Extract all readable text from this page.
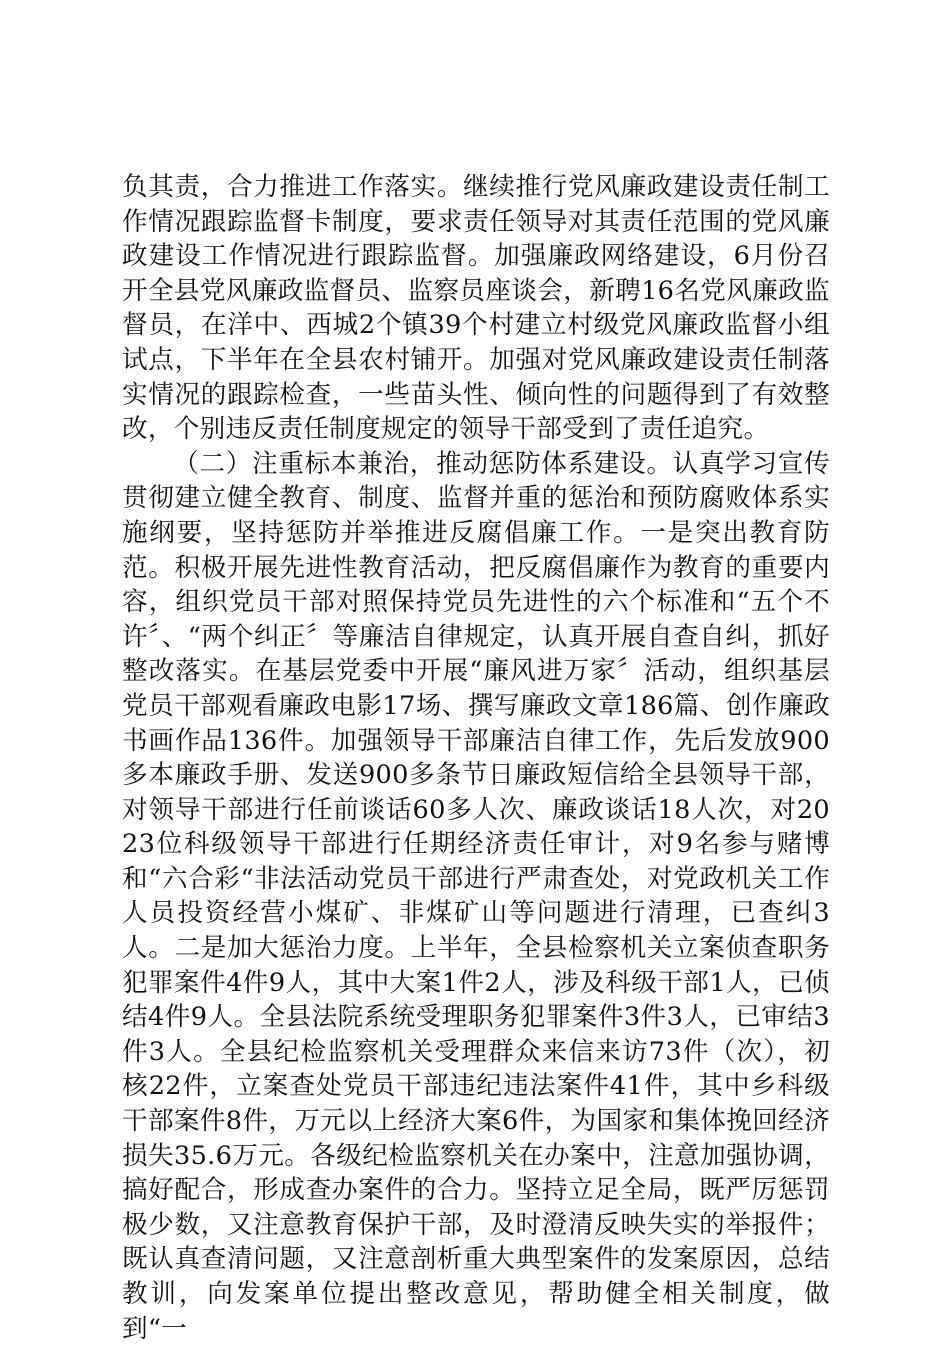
负其责，合力推进工作落实。继续推行党风廉政建设责任制工作情况跟踪监督卡制度，要求责任领导对其责任范围的党风廉政建设工作情况进行跟踪监督。加强廉政网络建设，6月份召开全县党风廉政监督员、监察员座谈会，新聘16名党风廉政监督员，在洋中、西城2个镇39个村建立村级党风廉政监督小组试点，下半年在全县农村铺开。加强对党风廉政建设责任制落实情况的跟踪检查，一些苗头性、倾向性的问题得到了有效整改，个别违反责任制度规定的领导干部受到了责任追究。

（二）注重标本兼治，推动惩防体系建设。认真学习宣传贯彻建立健全教育、制度、监督并重的惩治和预防腐败体系实施纲要，坚持惩防并举推进反腐倡廉工作。一是突出教育防范。积极开展先进性教育活动，把反腐倡廉作为教育的重要内容，组织党员干部对照保持党员先进性的六个标准和“五个不许〞、“两个纠正〞等廉洁自律规定，认真开展自查自纠，抓好整改落实。在基层党委中开展“廉风进万家〞活动，组织基层党员干部观看廉政电影17场、撰写廉政文章186篇、创作廉政书画作品136件。加强领导干部廉洁自律工作，先后发放900多本廉政手册、发送900多条节日廉政短信给全县领导干部，对领导干部进行任前谈话60多人次、廉政谈话18人次，对2023位科级领导干部进行任期经济责任审计，对9名参与赌博和“六合彩“非法活动党员干部进行严肃查处，对党政机关工作人员投资经营小煤矿、非煤矿山等问题进行清理，已查纠3人。二是加大惩治力度。上半年，全县检察机关立案侦查职务犯罪案件4件9人，其中大案1件2人，涉及科级干部1人，已侦结4件9人。全县法院系统受理职务犯罪案件3件3人，已审结3件3人。全县纪检监察机关受理群众来信来访73件（次），初核22件，立案查处党员干部违纪违法案件41件，其中乡科级干部案件8件，万元以上经济大案6件，为国家和集体挽回经济损失35.6万元。各级纪检监察机关在办案中，注意加强协调，搞好配合，形成查办案件的合力。坚持立足全局，既严厉惩罚极少数，又注意教育保护干部，及时澄清反映失实的举报件；既认真查清问题，又注意剖析重大典型案件的发案原因，总结教训，向发案单位提出整改意见，帮助健全相关制度，做到“一
